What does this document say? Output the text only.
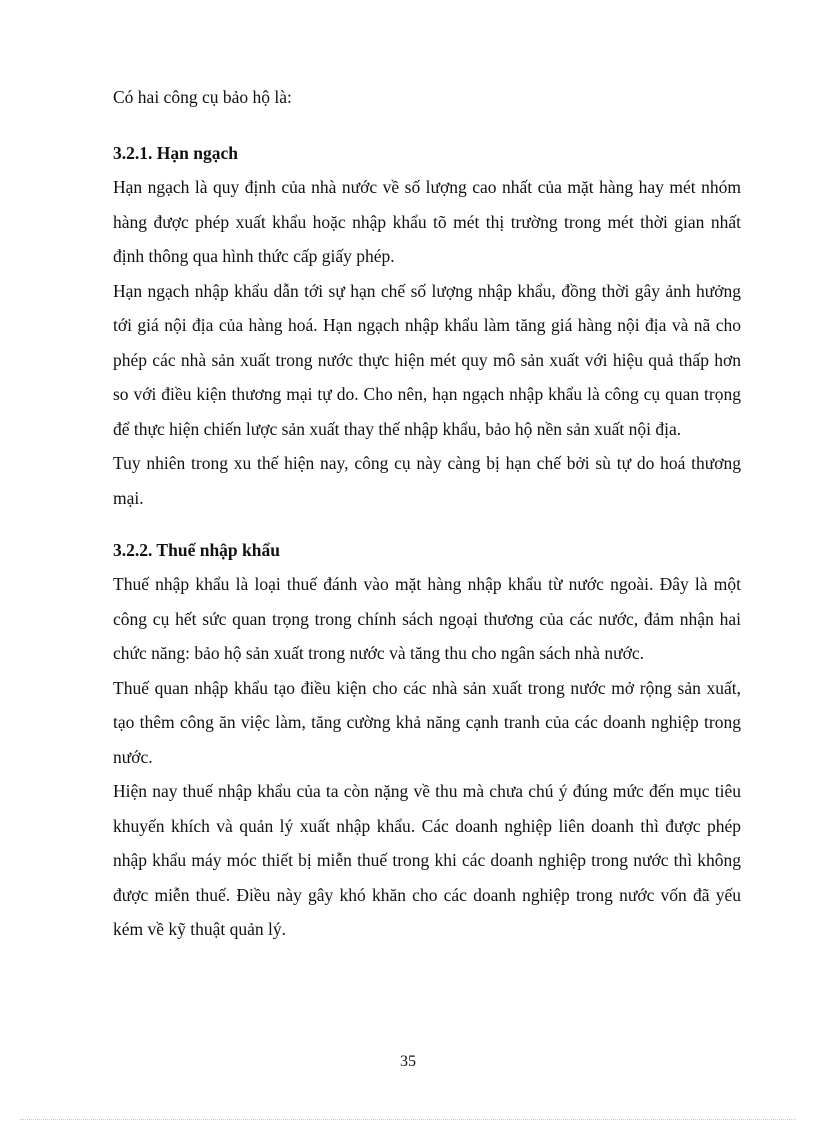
Có hai công cụ bảo hộ là:

3.2.1. Hạn ngạch

Hạn ngạch là quy định của nhà nước về số lượng cao nhất của mặt hàng hay mét nhóm hàng được phép xuất khẩu hoặc nhập khẩu tõ mét thị trường trong mét thời gian nhất định thông qua hình thức cấp giấy phép.

Hạn ngạch nhập khẩu dẫn tới sự hạn chế số lượng nhập khẩu, đồng thời gây ảnh hưởng tới giá nội địa của hàng hoá. Hạn ngạch nhập khẩu làm tăng giá hàng nội địa và nã cho phép các nhà sản xuất trong nước thực hiện mét quy mô sản xuất với hiệu quả thấp hơn so với điều kiện thương mại tự do. Cho nên, hạn ngạch nhập khẩu là công cụ quan trọng để thực hiện chiến lược sản xuất thay thế nhập khẩu, bảo hộ nền sản xuất nội địa.

Tuy nhiên trong xu thế hiện nay, công cụ này càng bị hạn chế bởi sù tự do hoá thương mại.

3.2.2. Thuế nhập khẩu

Thuế nhập khẩu là loại thuế đánh vào mặt hàng nhập khẩu từ nước ngoài. Đây là một công cụ hết sức quan trọng trong chính sách ngoại thương của các nước, đảm nhận hai chức năng: bảo hộ sản xuất trong nước và tăng thu cho ngân sách nhà nước.

Thuế quan nhập khẩu tạo điều kiện cho các nhà sản xuất trong nước mở rộng sản xuất, tạo thêm công ăn việc làm, tăng cường khả năng cạnh tranh của các doanh nghiệp trong nước.

Hiện nay thuế nhập khẩu của ta còn nặng về thu mà chưa chú ý đúng mức đến mục tiêu khuyến khích và quản lý xuất nhập khẩu. Các doanh nghiệp liên doanh thì được phép nhập khẩu máy móc thiết bị miễn thuế trong khi các doanh nghiệp trong nước thì không được miễn thuế. Điều này gây khó khăn cho các doanh nghiệp trong nước vốn đã yếu kém về kỹ thuật quản lý.

35
